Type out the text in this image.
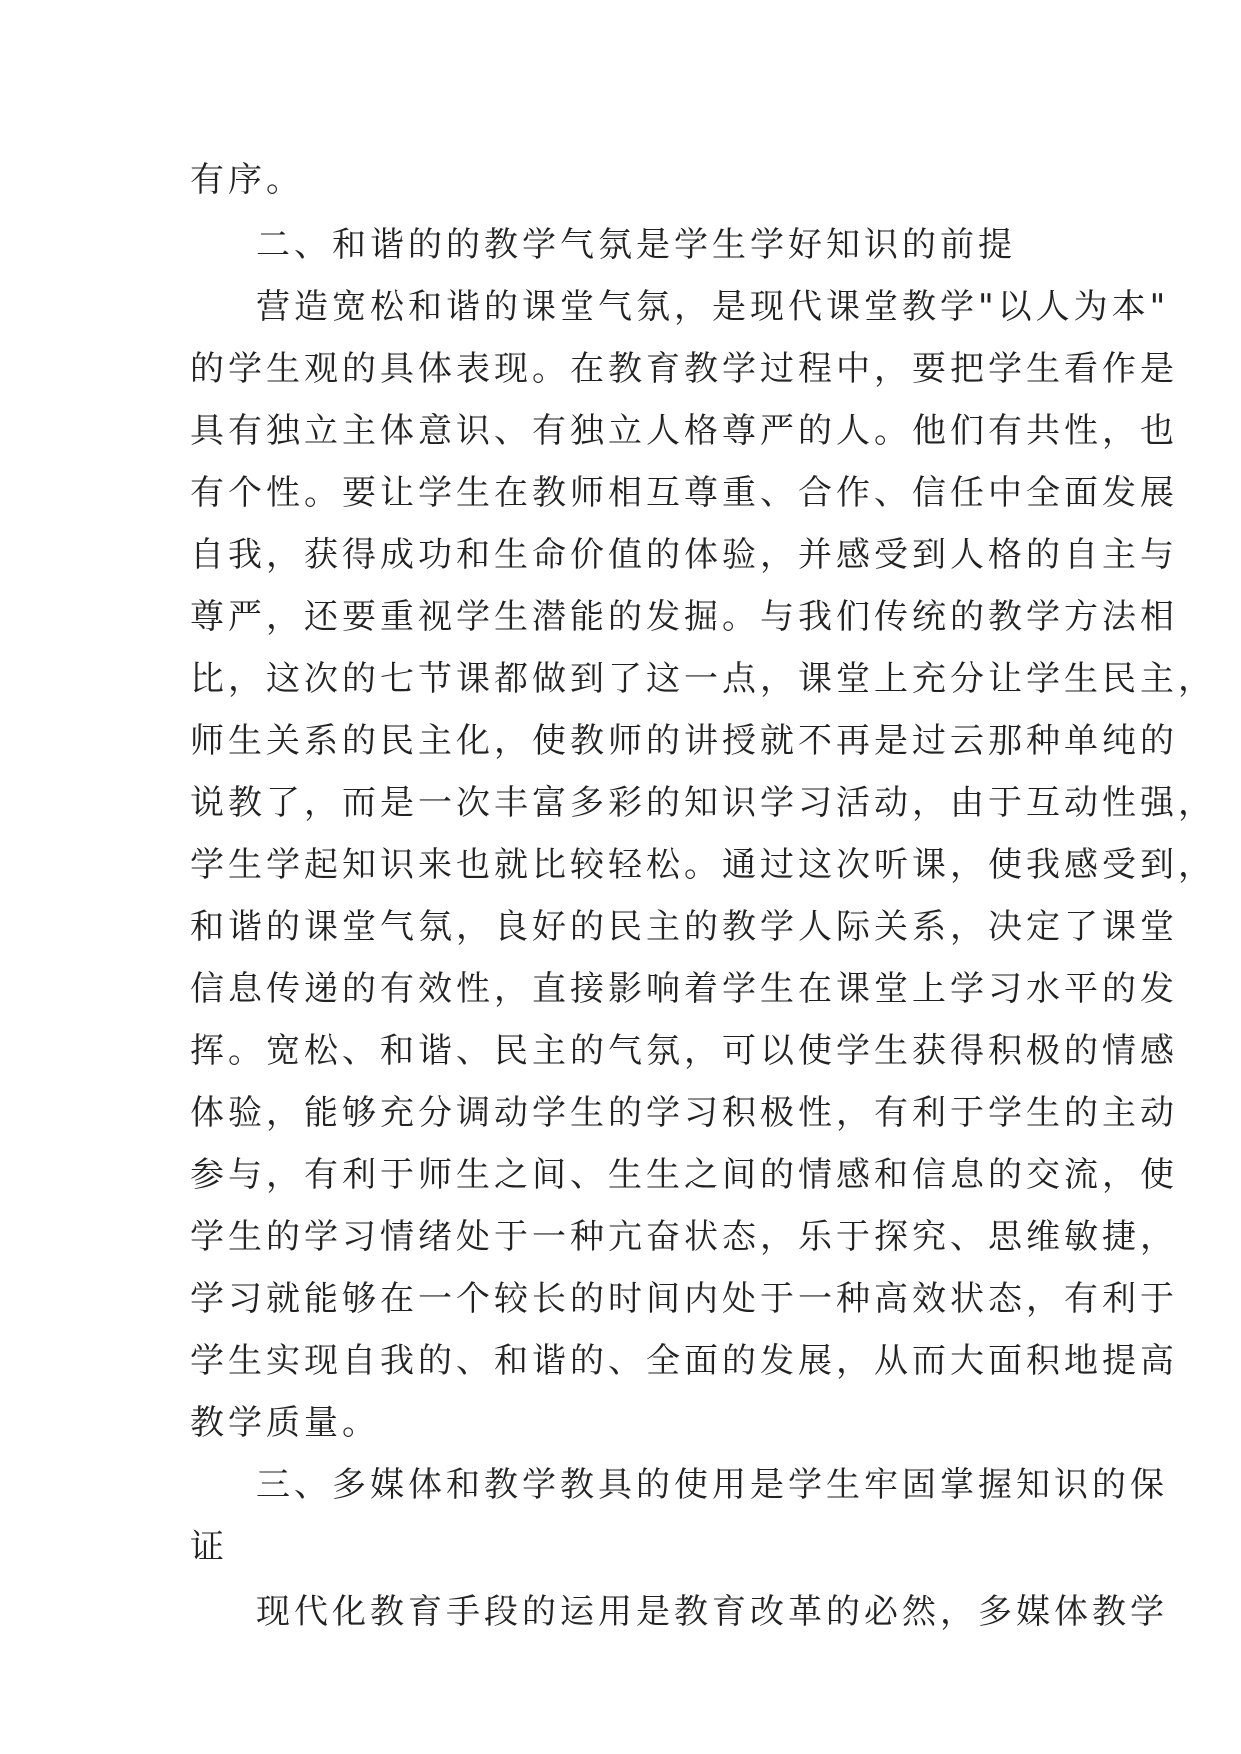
有序。
二、和谐的的教学气氛是学生学好知识的前提
营造宽松和谐的课堂气氛，是现代课堂教学"以人为本"
的学生观的具体表现。在教育教学过程中，要把学生看作是
具有独立主体意识、有独立人格尊严的人。他们有共性，也
有个性。要让学生在教师相互尊重、合作、信任中全面发展
自我，获得成功和生命价值的体验，并感受到人格的自主与
尊严，还要重视学生潜能的发掘。与我们传统的教学方法相
比，这次的七节课都做到了这一点，课堂上充分让学生民主，
师生关系的民主化，使教师的讲授就不再是过云那种单纯的
说教了，而是一次丰富多彩的知识学习活动，由于互动性强，
学生学起知识来也就比较轻松。通过这次听课，使我感受到，
和谐的课堂气氛，良好的民主的教学人际关系，决定了课堂
信息传递的有效性，直接影响着学生在课堂上学习水平的发
挥。宽松、和谐、民主的气氛，可以使学生获得积极的情感
体验，能够充分调动学生的学习积极性，有利于学生的主动
参与，有利于师生之间、生生之间的情感和信息的交流，使
学生的学习情绪处于一种亢奋状态，乐于探究、思维敏捷，
学习就能够在一个较长的时间内处于一种高效状态，有利于
学生实现自我的、和谐的、全面的发展，从而大面积地提高
教学质量。
三、多媒体和教学教具的使用是学生牢固掌握知识的保
证
现代化教育手段的运用是教育改革的必然，多媒体教学
